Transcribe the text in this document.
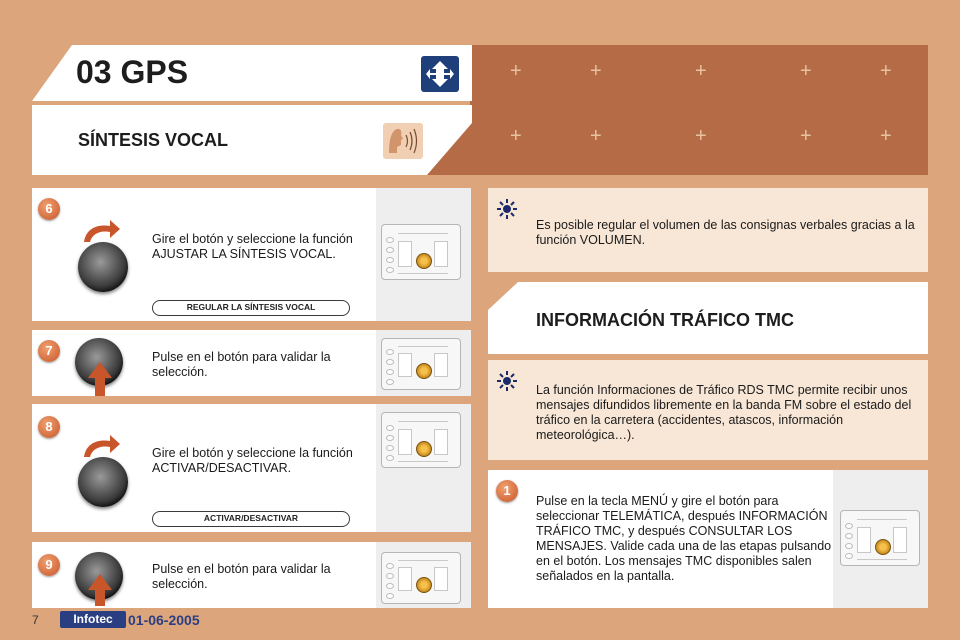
+	+	+	+	+
+	+	+	+	+
03 GPS
SÍNTESIS VOCAL
6
Gire el botón y seleccione la función AJUSTAR LA SÍNTESIS VOCAL.
REGULAR LA SÍNTESIS VOCAL
7	Pulse en el botón para validar la selección.
8
Gire el botón y seleccione la función ACTIVAR/DESACTIVAR.
ACTIVAR/DESACTIVAR
9	Pulse en el botón para validar la selección.
Es posible regular el volumen de las consignas verbales gracias a la función VOLUMEN.
INFORMACIÓN TRÁFICO TMC
La función Informaciones de Tráfico RDS TMC permite recibir unos mensajes difundidos libremente en la banda FM sobre el estado del tráfico en la carretera (accidentes, atascos, información meteorológica…).
1
Pulse en la tecla MENÚ y gire el botón para seleccionar TELEMÁTICA, después INFORMACIÓN TRÁFICO TMC, y después CONSULTAR LOS MENSAJES. Valide cada una de las etapas pulsando en el botón. Los mensajes TMC disponibles salen señalados en la pantalla.
7	Infotec	01-06-2005
